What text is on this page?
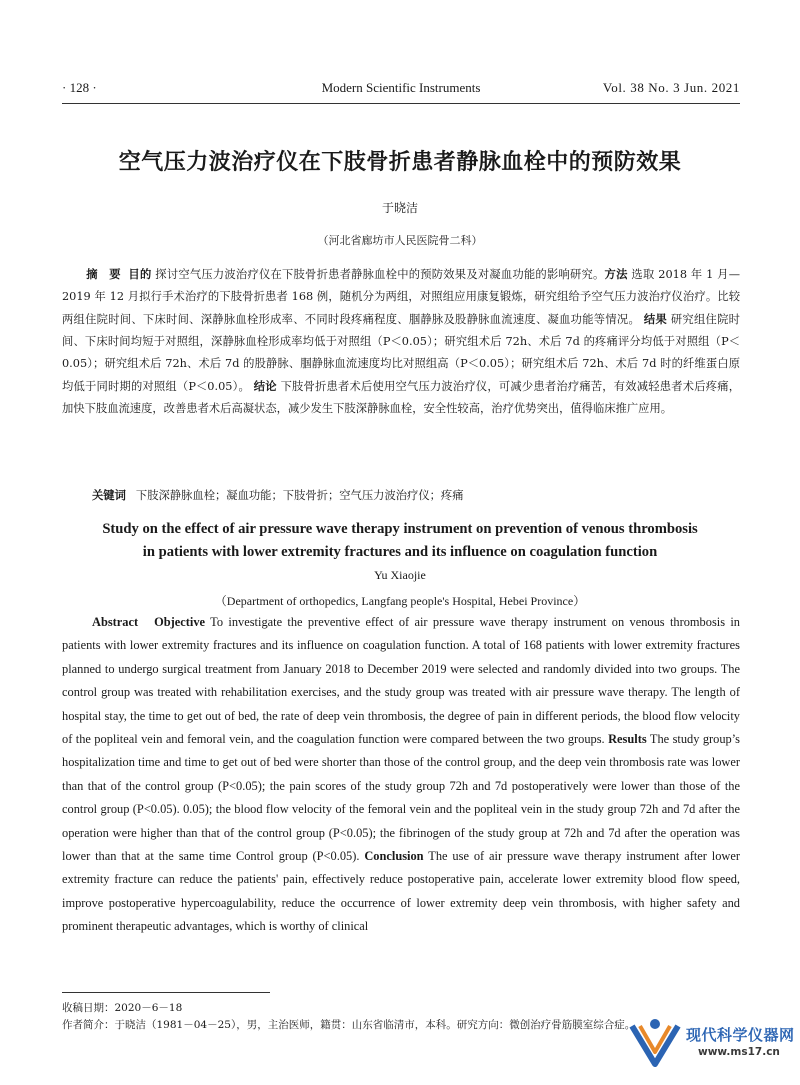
· 128 ·	Modern Scientific Instruments	Vol. 38 No. 3 Jun. 2021
空气压力波治疗仪在下肢骨折患者静脉血栓中的预防效果
于晓洁
（河北省廊坊市人民医院骨二科）
摘　要 目的 探讨空气压力波治疗仪在下肢骨折患者静脉血栓中的预防效果及对凝血功能的影响研究。方法 选取 2018 年 1 月—2019 年 12 月拟行手术治疗的下肢骨折患者 168 例，随机分为两组，对照组应用康复锻炼，研究组给予空气压力波治疗仪治疗。比较两组住院时间、下床时间、深静脉血栓形成率、不同时段疼痛程度、腘静脉及股静脉血流速度、凝血功能等情况。 结果 研究组住院时间、下床时间均短于对照组，深静脉血栓形成率均低于对照组（P＜0.05）；研究组术后 72h、术后 7d 的疼痛评分均低于对照组（P＜0.05）；研究组术后 72h、术后 7d 的股静脉、腘静脉血流速度均比对照组高（P＜0.05）；研究组术后 72h、术后 7d 时的纤维蛋白原均低于同时期的对照组（P＜0.05）。 结论 下肢骨折患者术后使用空气压力波治疗仪，可减少患者治疗痛苦，有效减轻患者术后疼痛，加快下肢血流速度，改善患者术后高凝状态，减少发生下肢深静脉血栓，安全性较高，治疗优势突出，值得临床推广应用。
关键词 下肢深静脉血栓；凝血功能；下肢骨折；空气压力波治疗仪；疼痛
Study on the effect of air pressure wave therapy instrument on prevention of venous thrombosis
in patients with lower extremity fractures and its influence on coagulation function
Yu Xiaojie
（Department of orthopedics, Langfang people's Hospital, Hebei Province）
Abstract Objective To investigate the preventive effect of air pressure wave therapy instrument on venous thrombosis in patients with lower extremity fractures and its influence on coagulation function. A total of 168 patients with lower extremity fractures planned to undergo surgical treatment from January 2018 to December 2019 were selected and randomly divided into two groups. The control group was treated with rehabilitation exercises, and the study group was treated with air pressure wave therapy. The length of hospital stay, the time to get out of bed, the rate of deep vein thrombosis, the degree of pain in different periods, the blood flow velocity of the popliteal vein and femoral vein, and the coagulation function were compared between the two groups. Results The study group’s hospitalization time and time to get out of bed were shorter than those of the control group, and the deep vein thrombosis rate was lower than that of the control group (P<0.05); the pain scores of the study group 72h and 7d postoperatively were lower than those of the control group (P<0.05). 0.05); the blood flow velocity of the femoral vein and the popliteal vein in the study group 72h and 7d after the operation were higher than that of the control group (P<0.05); the fibrinogen of the study group at 72h and 7d after the operation was lower than that at the same time Control group (P<0.05). Conclusion The use of air pressure wave therapy instrument after lower extremity fracture can reduce the patients' pain, effectively reduce postoperative pain, accelerate lower extremity blood flow speed, improve postoperative hypercoagulability, reduce the occurrence of lower extremity deep vein thrombosis, with higher safety and prominent therapeutic advantages, which is worthy of clinical
收稿日期：2020－6－18
作者简介：于晓洁（1981－04－25），男，主治医师，籍贯：山东省临清市，本科。研究方向：微创治疗骨筋膜室综合症。
现代科学仪器网
www.ms17.cn
